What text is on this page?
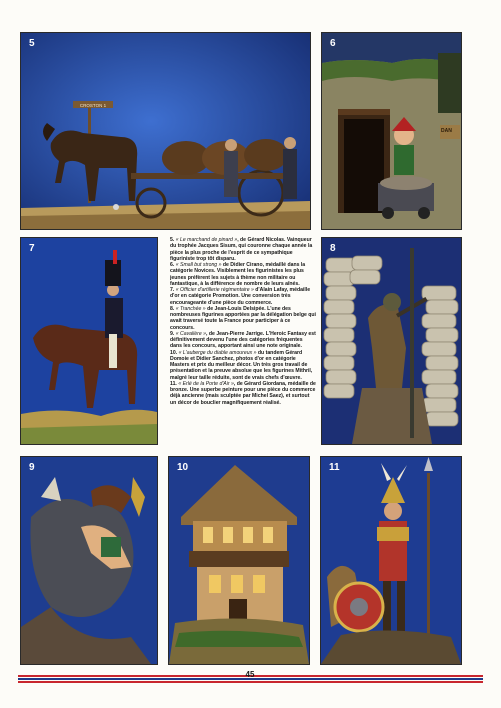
5
CROSTON 1
6
DAN
7

5. « Le marchand de pinard », de Gérard Nicolas. Vainqueur du trophée Jacques Sisum, qui couronne chaque année la pièce la plus proche de l'esprit de ce sympathique figuriniste trop tôt disparu.

6. « Small but strong » de Didier Cirano, médaillé dans la catégorie Novices. Visiblement les figurinistes les plus jeunes préfèrent les sujets à thème non militaire ou fantastique, à la différence de nombre de leurs aînés.

7. « Officier d'artillerie régimentaire » d'Alain Lafay, médaille d'or en catégorie Promotion. Une conversion très encourageante d'une pièce du commerce.

8. « Tranchée » de Jean-Louis Delsipée. L'une des nombreuses figurines apportées par la délégation belge qui avait traversé toute la France pour participer à ce concours.

9. « Cavalière », de Jean-Pierre Jarrige. L'Heroic Fantasy est définitivement devenu l'une des catégories fréquentes dans les concours, apportant ainsi une note originale.

10. « L'auberge du diable amoureux » du tandem Gérard Domoie et Didier Sanchez, photos d'or en catégorie Masters et prix du meilleur décor. Un très gros travail de présentation et la preuve absolue que les figurines Mithril, malgré leur taille réduite, sont de vrais chefs d'œuvre.

11. « Erlé de la Porte d'Air », de Gérard Giordana, médaille de bronze. Une superbe peinture pour une pièce du commerce déjà ancienne (mais sculptée par Michel Saez), et surtout un décor de bouclier magnifiquement réalisé.

8
9	10	11
45
